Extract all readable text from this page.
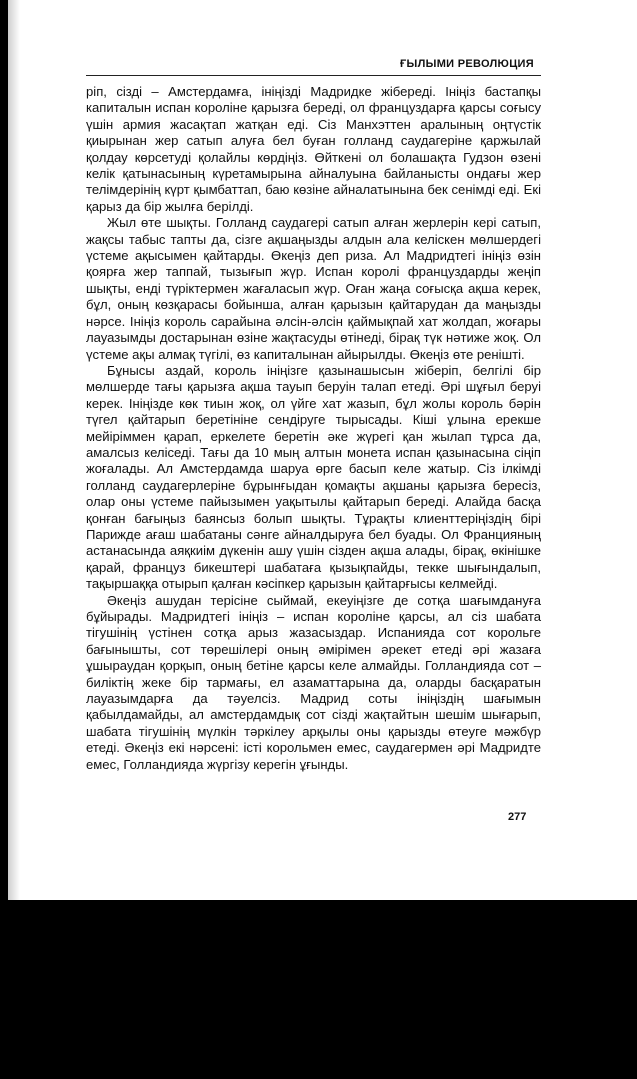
ҒЫЛЫМИ РЕВОЛЮЦИЯ

ріп, сізді – Амстердамға, ініңізді Мадридке жібереді. Ініңіз бастапқы капиталын испан короліне қарызға береді, ол француздарға қарсы соғысу үшін армия жасақтап жатқан еді. Сіз Манхэттен аралының оңтүстік қиырынан жер сатып алуға бел буған голланд саудагеріне қаржылай қолдау көрсетуді қолайлы көрдіңіз. Өйткені ол болашақта Гудзон өзені келік қатынасының күретамырына айналуына байланысты ондағы жер телімдерінің күрт қымбаттап, баю көзіне айналатынына бек сенімді еді. Екі қарыз да бір жылға берілді.

Жыл өте шықты. Голланд саудагері сатып алған жерлерін кері сатып, жақсы табыс тапты да, сізге ақшаңызды алдын ала келіскен мөлшердегі үстеме ақысымен қайтарды. Өкеңіз деп риза. Ал Мадридтегі ініңіз өзін қоярға жер таппай, тызығып жүр. Испан королі француздарды жеңіп шықты, енді түріктермен жағаласып жүр. Оған жаңа соғысқа ақша керек, бұл, оның көзқарасы бойынша, алған қарызын қайтарудан да маңызды нәрсе. Ініңіз король сарайына әлсін-әлсін қаймықпай хат жолдап, жоғары лауазымды достарынан өзіне жақтасуды өтінеді, бірақ түк нәтиже жоқ. Ол үстеме ақы алмақ түгілі, өз капиталынан айырылды. Өкеңіз өте ренішті.

Бұнысы аздай, король ініңізге қазынашысын жіберіп, белгілі бір мөлшерде тағы қарызға ақша тауып беруін талап етеді. Әрі шұғыл беруі керек. Ініңізде көк тиын жоқ, ол үйге хат жазып, бұл жолы король бәрін түгел қайтарып беретініне сендіруге тырысады. Кіші ұлына ерекше мейіріммен қарап, еркелете беретін әке жүрегі қан жылап тұрса да, амалсыз келіседі. Тағы да 10 мың алтын монета испан қазынасына сіңіп жоғалады. Ал Амстердамда шаруа өрге басып келе жатыр. Сіз ілкімді голланд саудагерлеріне бұрынғыдан қомақты ақшаны қарызға бересіз, олар оны үстеме пайызымен уақытылы қайтарып береді. Алайда басқа қонған бағыңыз баянсыз болып шықты. Тұрақты клиенттеріңіздің бірі Парижде ағаш шабатаны сәнге айналдыруға бел буады. Ол Францияның астанасында аяқкиім дүкенін ашу үшін сізден ақша алады, бірақ, өкінішке қарай, француз бикештері шабатаға қызықпайды, текке шығындалып, тақыршаққа отырып қалған кәсіпкер қарызын қайтарғысы келмейді.

Әкеңіз ашудан терісіне сыймай, екеуіңізге де сотқа шағымдануға бұйырады. Мадридтегі ініңіз – испан короліне қарсы, ал сіз шабата тігушінің үстінен сотқа арыз жазасыздар. Испанияда сот корольге бағынышты, сот төрешілері оның әмірімен әрекет етеді әрі жазаға ұшыраудан қорқып, оның бетіне қарсы келе алмайды. Голландияда сот – биліктің жеке бір тармағы, ел азаматтарына да, оларды басқаратын лауазымдарға да тәуелсіз. Мадрид соты ініңіздің шағымын қабылдамайды, ал амстердамдық сот сізді жақтайтын шешім шығарып, шабата тігушінің мүлкін тәркілеу арқылы оны қарызды өтеуге мәжбүр етеді. Әкеңіз екі нәрсені: істі корольмен емес, саудагермен әрі Мадридте емес, Голландияда жүргізу керегін ұғынды.

277
